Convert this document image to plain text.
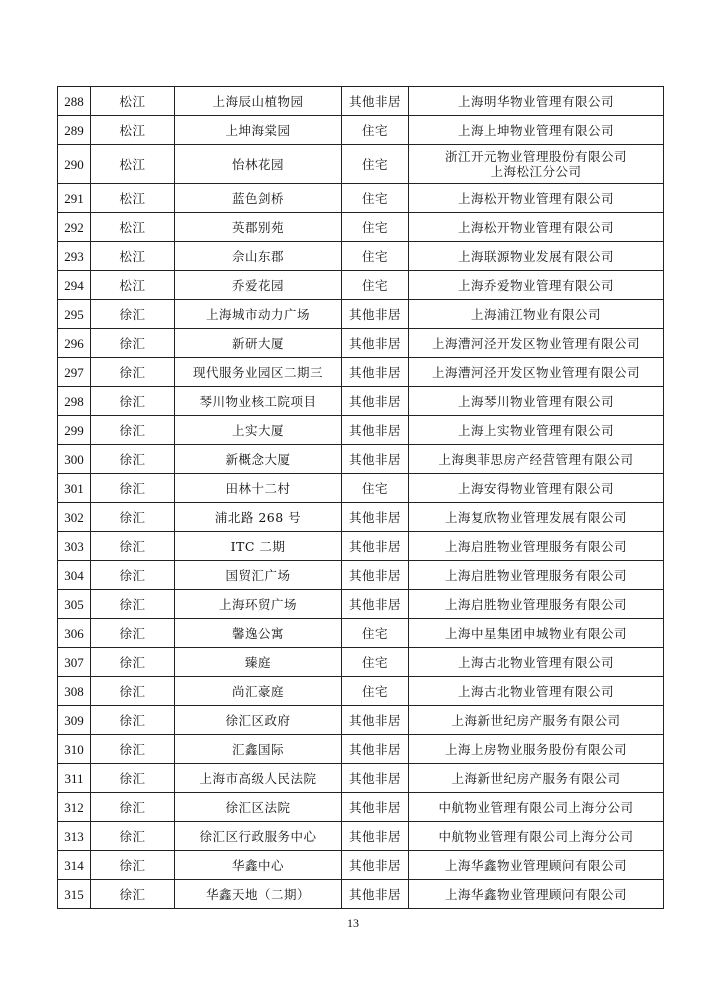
288	松江	上海辰山植物园	其他非居	上海明华物业管理有限公司
289	松江	上坤海棠园	住宅	上海上坤物业管理有限公司
290	松江	怡林花园	住宅	浙江开元物业管理股份有限公司
上海松江分公司
291	松江	蓝色剑桥	住宅	上海松开物业管理有限公司
292	松江	英郡别苑	住宅	上海松开物业管理有限公司
293	松江	佘山东郡	住宅	上海联源物业发展有限公司
294	松江	乔爱花园	住宅	上海乔爱物业管理有限公司
295	徐汇	上海城市动力广场	其他非居	上海浦江物业有限公司
296	徐汇	新研大厦	其他非居	上海漕河泾开发区物业管理有限公司
297	徐汇	现代服务业园区二期三	其他非居	上海漕河泾开发区物业管理有限公司
298	徐汇	琴川物业核工院项目	其他非居	上海琴川物业管理有限公司
299	徐汇	上实大厦	其他非居	上海上实物业管理有限公司
300	徐汇	新概念大厦	其他非居	上海奥菲思房产经营管理有限公司
301	徐汇	田林十二村	住宅	上海安得物业管理有限公司
302	徐汇	浦北路 268 号	其他非居	上海复欣物业管理发展有限公司
303	徐汇	ITC 二期	其他非居	上海启胜物业管理服务有限公司
304	徐汇	国贸汇广场	其他非居	上海启胜物业管理服务有限公司
305	徐汇	上海环贸广场	其他非居	上海启胜物业管理服务有限公司
306	徐汇	馨逸公寓	住宅	上海中星集团申城物业有限公司
307	徐汇	臻庭	住宅	上海古北物业管理有限公司
308	徐汇	尚汇豪庭	住宅	上海古北物业管理有限公司
309	徐汇	徐汇区政府	其他非居	上海新世纪房产服务有限公司
310	徐汇	汇鑫国际	其他非居	上海上房物业服务股份有限公司
311	徐汇	上海市高级人民法院	其他非居	上海新世纪房产服务有限公司
312	徐汇	徐汇区法院	其他非居	中航物业管理有限公司上海分公司
313	徐汇	徐汇区行政服务中心	其他非居	中航物业管理有限公司上海分公司
314	徐汇	华鑫中心	其他非居	上海华鑫物业管理顾问有限公司
315	徐汇	华鑫天地（二期）	其他非居	上海华鑫物业管理顾问有限公司
13
